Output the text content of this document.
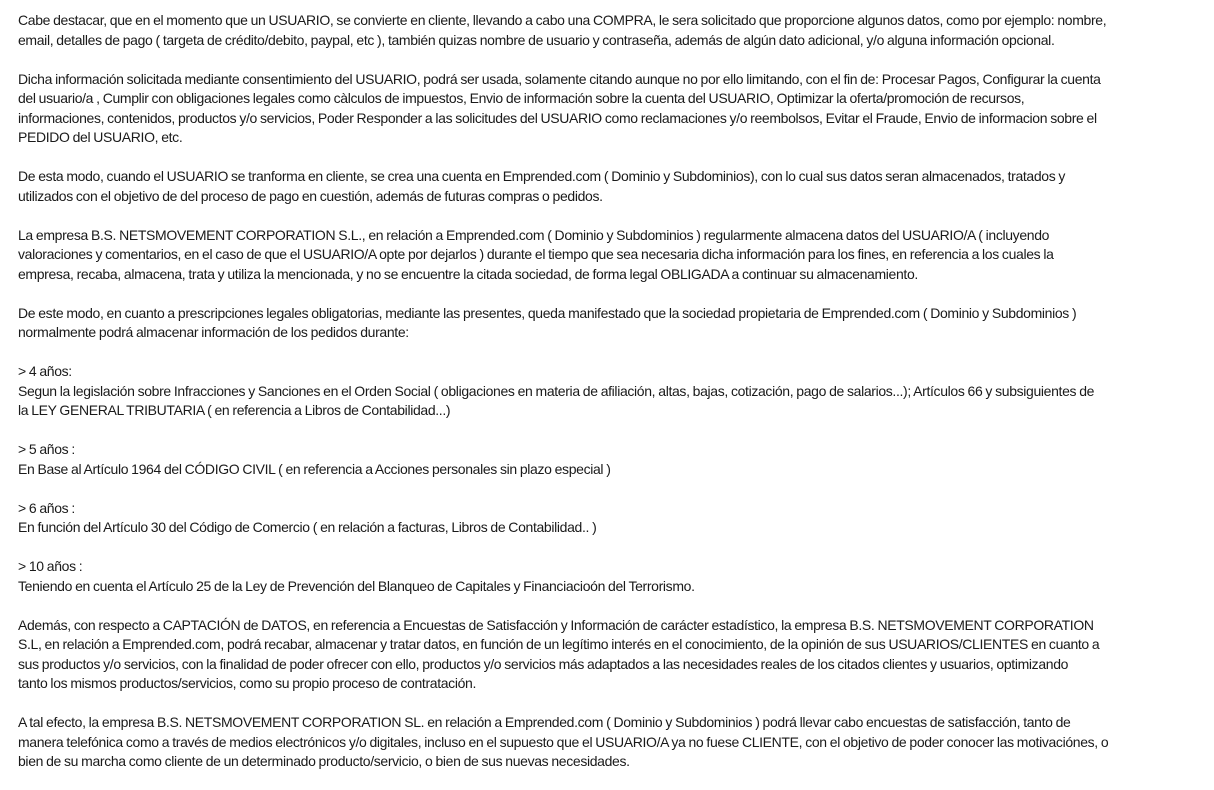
Cabe destacar, que en el momento que un USUARIO, se convierte en cliente, llevando a cabo una COMPRA, le sera solicitado que proporcione algunos datos, como por ejemplo: nombre,
email, detalles de pago ( targeta de crédito/debito, paypal, etc ), también quizas nombre de usuario y contraseña, además de algún dato adicional, y/o alguna información opcional.
Dicha información solicitada mediante consentimiento del USUARIO, podrá ser usada, solamente citando aunque no por ello limitando, con el fin de: Procesar Pagos, Configurar la cuenta
del usuario/a , Cumplir con obligaciones legales como càlculos de impuestos, Envio de información sobre la cuenta del USUARIO, Optimizar la oferta/promoción de recursos,
informaciones, contenidos, productos y/o servicios, Poder Responder a las solicitudes del USUARIO como reclamaciones y/o reembolsos, Evitar el Fraude, Envio de informacion sobre el
PEDIDO del USUARIO, etc.
De esta modo, cuando el USUARIO se tranforma en cliente, se crea una cuenta en Emprended.com ( Dominio y Subdominios), con lo cual sus datos seran almacenados, tratados y
utilizados con el objetivo de del proceso de pago en cuestión, además de futuras compras o pedidos.
La empresa B.S. NETSMOVEMENT CORPORATION S.L., en relación a Emprended.com ( Dominio y Subdominios ) regularmente almacena datos del USUARIO/A ( incluyendo
valoraciones y comentarios, en el caso de que el USUARIO/A opte por dejarlos ) durante el tiempo que sea necesaria dicha información para los fines, en referencia a los cuales la
empresa, recaba, almacena, trata y utiliza la mencionada, y no se encuentre la citada sociedad, de forma legal OBLIGADA a continuar su almacenamiento.
De este modo, en cuanto a prescripciones legales obligatorias, mediante las presentes, queda manifestado que la sociedad propietaria de Emprended.com ( Dominio y Subdominios )
normalmente podrá almacenar información de los pedidos durante:
> 4 años:
Segun la legislación sobre Infracciones y Sanciones en el Orden Social ( obligaciones en materia de afiliación, altas, bajas, cotización, pago de salarios...); Artículos 66 y subsiguientes de
la LEY GENERAL TRIBUTARIA ( en referencia a Libros de Contabilidad...)
> 5 años :
En Base al Artículo 1964 del CÓDIGO CIVIL ( en referencia a Acciones personales sin plazo especial )
> 6 años :
En función del Artículo 30 del Código de Comercio ( en relación a facturas, Libros de Contabilidad.. )
> 10 años :
Teniendo en cuenta el Artículo 25 de la Ley de Prevención del Blanqueo de Capitales y Financiacioón del Terrorismo.
Además, con respecto a CAPTACIÓN de DATOS, en referencia a Encuestas de Satisfacción y Información de carácter estadístico, la empresa B.S. NETSMOVEMENT CORPORATION
S.L, en relación a Emprended.com, podrá recabar, almacenar y tratar datos, en función de un legítimo interés en el conocimiento, de la opinión de sus USUARIOS/CLIENTES en cuanto a
sus productos y/o servicios, con la finalidad de poder ofrecer con ello, productos y/o servicios más adaptados a las necesidades reales de los citados clientes y usuarios, optimizando
tanto los mismos productos/servicios, como su propio proceso de contratación.
A tal efecto, la empresa B.S. NETSMOVEMENT CORPORATION SL. en relación a Emprended.com ( Dominio y Subdominios ) podrá llevar cabo encuestas de satisfacción, tanto de
manera telefónica como a través de medios electrónicos y/o digitales, incluso en el supuesto que el USUARIO/A ya no fuese CLIENTE, con el objetivo de poder conocer las motivaciónes, o
bien de su marcha como cliente de un determinado producto/servicio, o bien de sus nuevas necesidades.
